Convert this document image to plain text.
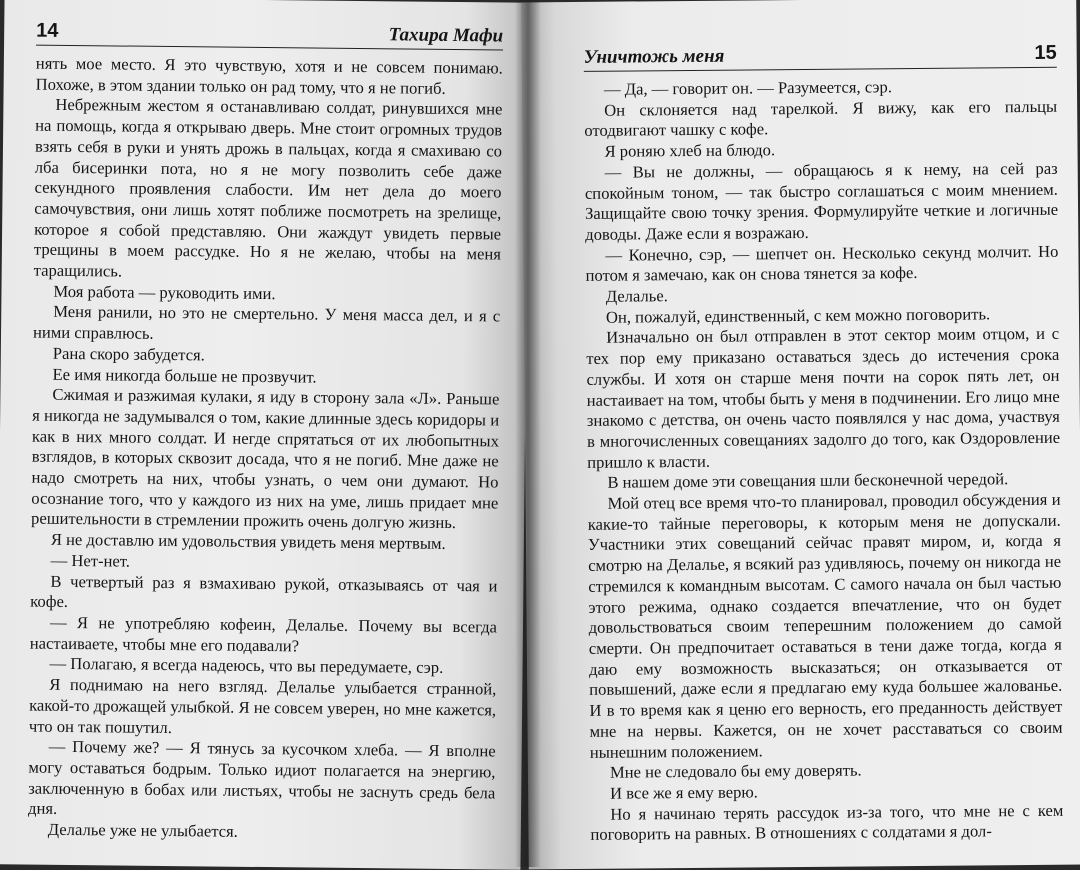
14	Тахира Мафи

нять мое место. Я это чувствую, хотя и не совсем понимаю. Похоже, в этом здании только он рад тому, что я не погиб.

Небрежным жестом я останавливаю солдат, ринувшихся мне на помощь, когда я открываю дверь. Мне стоит огромных трудов взять себя в руки и унять дрожь в пальцах, когда я смахиваю со лба бисеринки пота, но я не могу позволить себе даже секундного проявления слабости. Им нет дела до моего самочувствия, они лишь хотят поближе посмотреть на зрелище, которое я собой представляю. Они жаждут увидеть первые трещины в моем рассудке. Но я не желаю, чтобы на меня таращились.

Моя работа — руководить ими.

Меня ранили, но это не смертельно. У меня масса дел, и я с ними справлюсь.

Рана скоро забудется.

Ее имя никогда больше не прозвучит.

Сжимая и разжимая кулаки, я иду в сторону зала «Л». Раньше я никогда не задумывался о том, какие длинные здесь коридоры и как в них много солдат. И негде спрятаться от их любопытных взглядов, в которых сквозит досада, что я не погиб. Мне даже не надо смотреть на них, чтобы узнать, о чем они думают. Но осознание того, что у каждого из них на уме, лишь придает мне решительности в стремлении прожить очень долгую жизнь.

Я не доставлю им удовольствия увидеть меня мертвым.

— Нет-нет.

В четвертый раз я взмахиваю рукой, отказываясь от чая и кофе.

— Я не употребляю кофеин, Делалье. Почему вы всегда настаиваете, чтобы мне его подавали?

— Полагаю, я всегда надеюсь, что вы передумаете, сэр.

Я поднимаю на него взгляд. Делалье улыбается странной, какой-то дрожащей улыбкой. Я не совсем уверен, но мне кажется, что он так пошутил.

— Почему же? — Я тянусь за кусочком хлеба. — Я вполне могу оставаться бодрым. Только идиот полагается на энергию, заключенную в бобах или листьях, чтобы не заснуть средь бела дня.

Делалье уже не улыбается.

Уничтожь меня	15

— Да, — говорит он. — Разумеется, сэр.

Он склоняется над тарелкой. Я вижу, как его пальцы отодвигают чашку с кофе.

Я роняю хлеб на блюдо.

— Вы не должны, — обращаюсь я к нему, на сей раз спокойным тоном, — так быстро соглашаться с моим мнением. Защищайте свою точку зрения. Формулируйте четкие и логичные доводы. Даже если я возражаю.

— Конечно, сэр, — шепчет он. Несколько секунд молчит. Но потом я замечаю, как он снова тянется за кофе.

Делалье.

Он, пожалуй, единственный, с кем можно поговорить.

Изначально он был отправлен в этот сектор моим отцом, и с тех пор ему приказано оставаться здесь до истечения срока службы. И хотя он старше меня почти на сорок пять лет, он настаивает на том, чтобы быть у меня в подчинении. Его лицо мне знакомо с детства, он очень часто появлялся у нас дома, участвуя в многочисленных совещаниях задолго до того, как Оздоровление пришло к власти.

В нашем доме эти совещания шли бесконечной чередой.

Мой отец все время что-то планировал, проводил обсуждения и какие-то тайные переговоры, к которым меня не допускали. Участники этих совещаний сейчас правят миром, и, когда я смотрю на Делалье, я всякий раз удивляюсь, почему он никогда не стремился к командным высотам. С самого начала он был частью этого режима, однако создается впечатление, что он будет довольствоваться своим теперешним положением до самой смерти. Он предпочитает оставаться в тени даже тогда, когда я даю ему возможность высказаться; он отказывается от повышений, даже если я предлагаю ему куда большее жалованье. И в то время как я ценю его верность, его преданность действует мне на нервы. Кажется, он не хочет расставаться со своим нынешним положением.

Мне не следовало бы ему доверять.

И все же я ему верю.

Но я начинаю терять рассудок из-за того, что мне не с кем поговорить на равных. В отношениях с солдатами я дол-
